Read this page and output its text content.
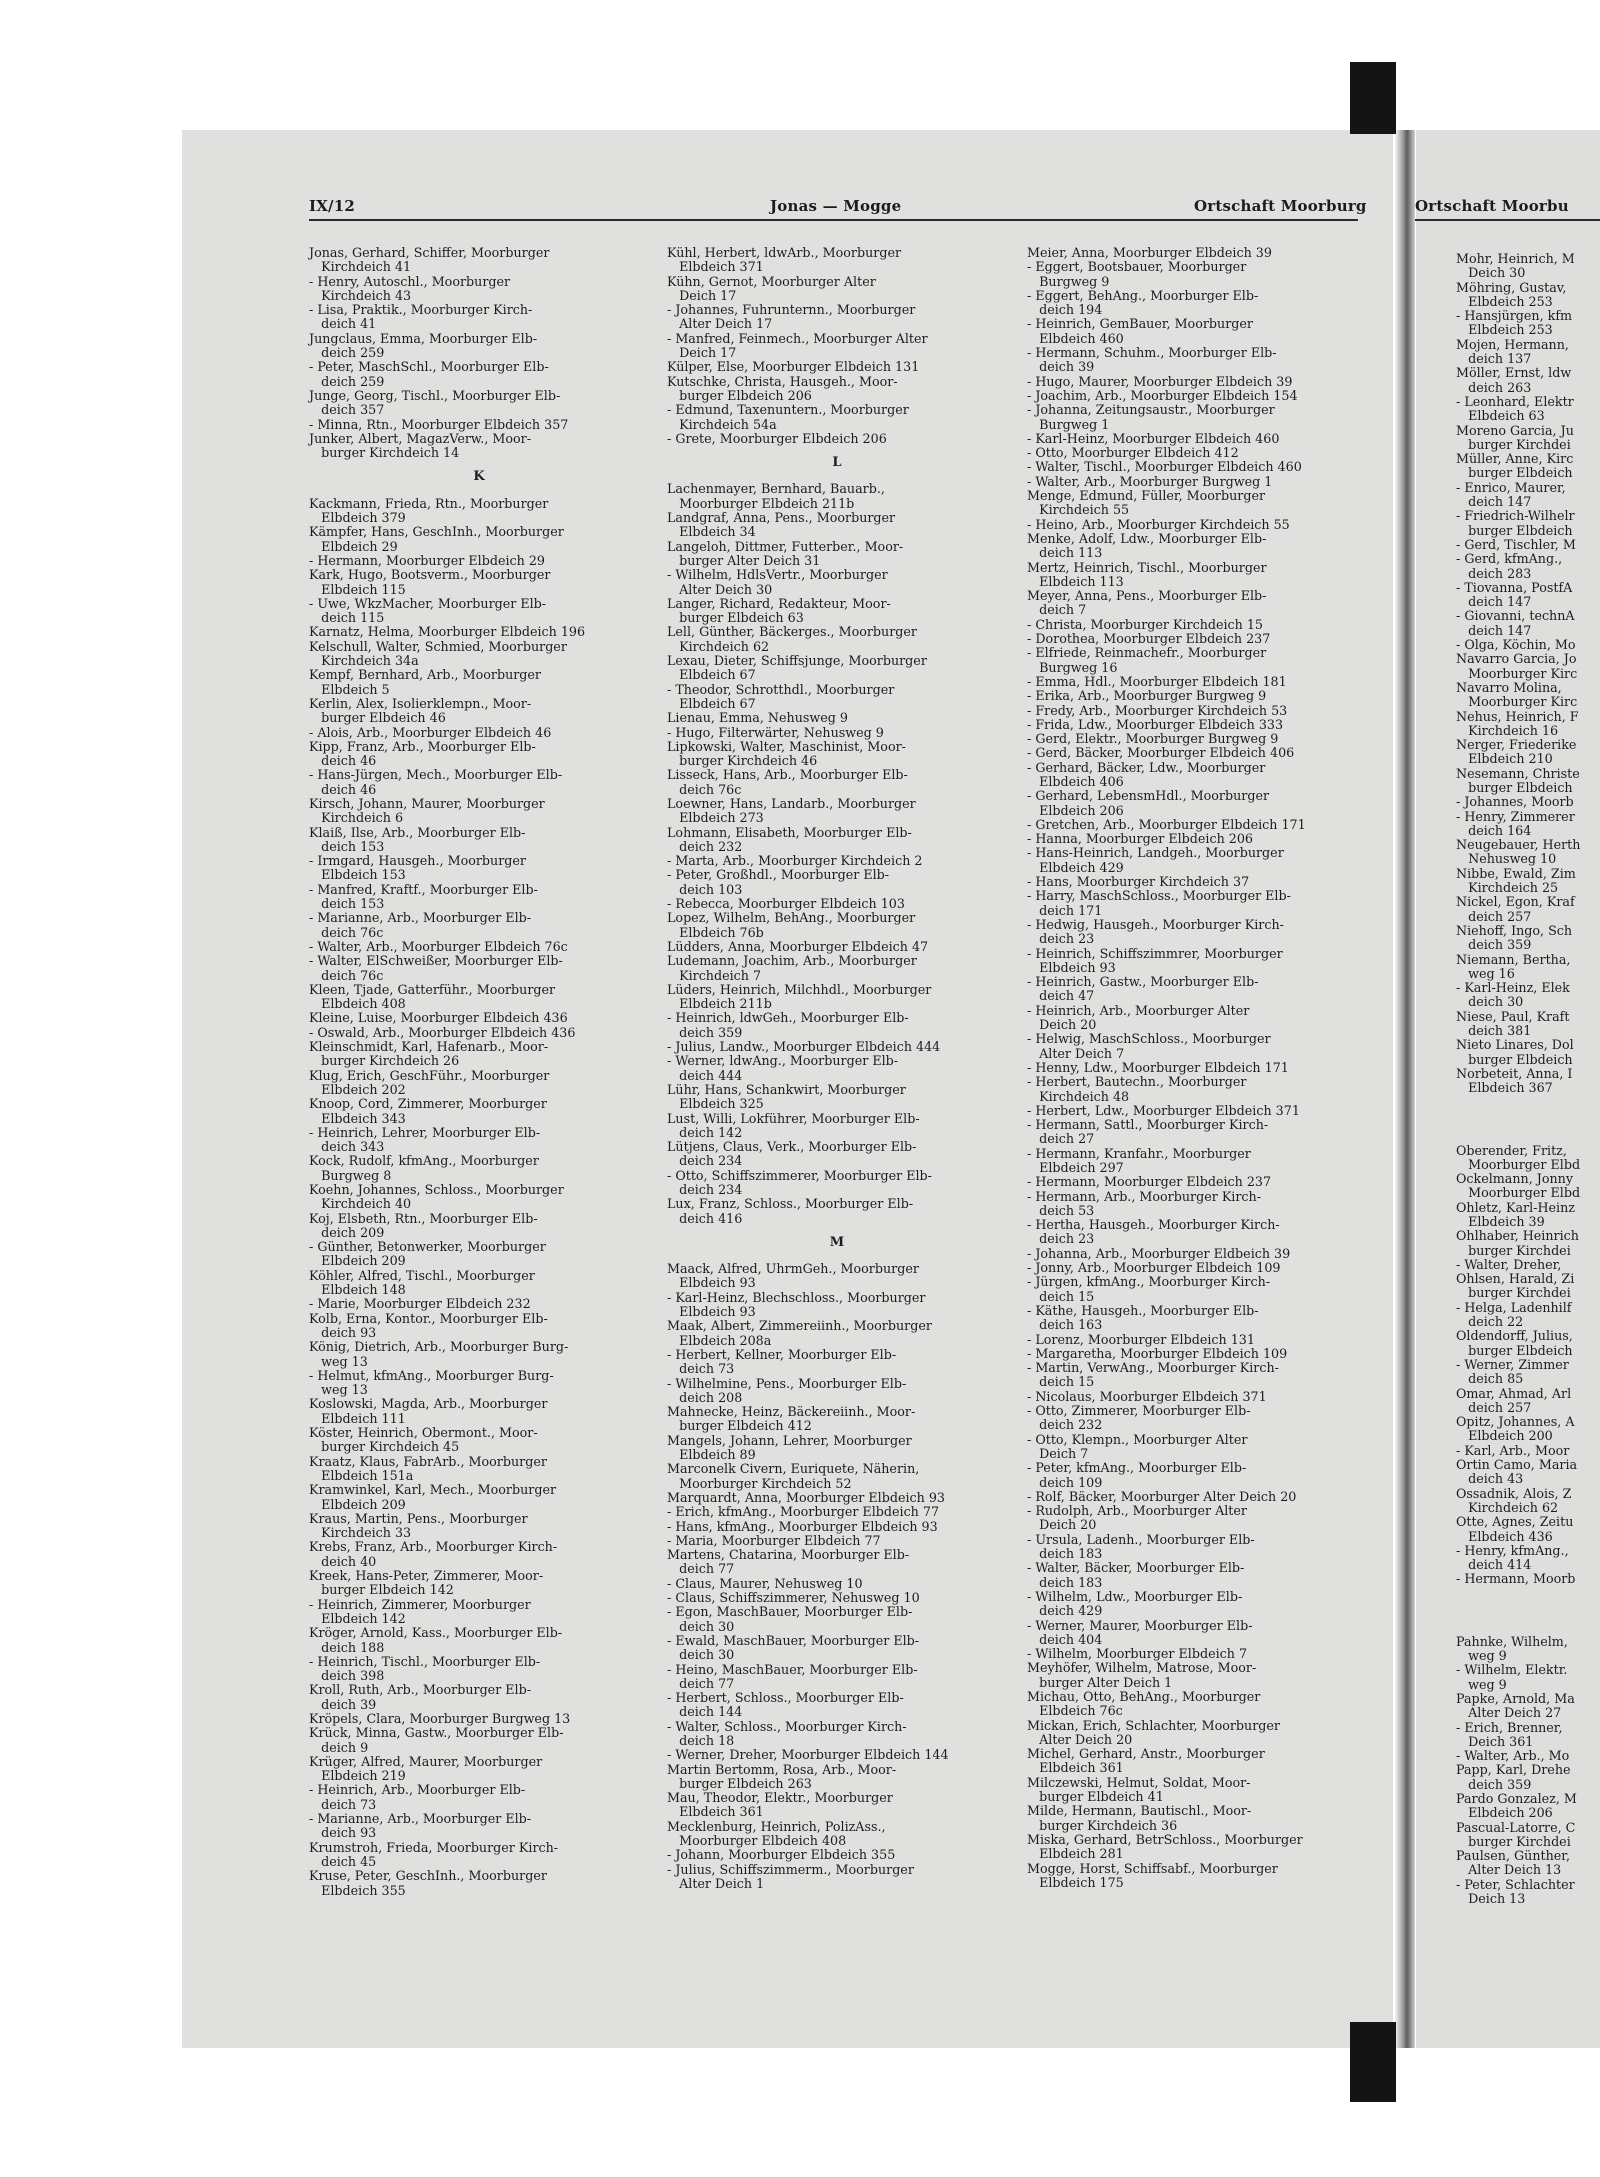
IX/12	Jonas — Mogge	Ortschaft Moorburg	Ortschaft Moorbu
Jonas, Gerhard, Schiffer, Moorburger
Kirchdeich 41
- Henry, Autoschl., Moorburger
Kirchdeich 43
- Lisa, Praktik., Moorburger Kirch-
deich 41
Jungclaus, Emma, Moorburger Elb-
deich 259
- Peter, MaschSchl., Moorburger Elb-
deich 259
Junge, Georg, Tischl., Moorburger Elb-
deich 357
- Minna, Rtn., Moorburger Elbdeich 357
Junker, Albert, MagazVerw., Moor-
burger Kirchdeich 14
K
Kackmann, Frieda, Rtn., Moorburger
Elbdeich 379
Kämpfer, Hans, GeschInh., Moorburger
Elbdeich 29
- Hermann, Moorburger Elbdeich 29
Kark, Hugo, Bootsverm., Moorburger
Elbdeich 115
- Uwe, WkzMacher, Moorburger Elb-
deich 115
Karnatz, Helma, Moorburger Elbdeich 196
Kelschull, Walter, Schmied, Moorburger
Kirchdeich 34a
Kempf, Bernhard, Arb., Moorburger
Elbdeich 5
Kerlin, Alex, Isolierklempn., Moor-
burger Elbdeich 46
- Alois, Arb., Moorburger Elbdeich 46
Kipp, Franz, Arb., Moorburger Elb-
deich 46
- Hans-Jürgen, Mech., Moorburger Elb-
deich 46
Kirsch, Johann, Maurer, Moorburger
Kirchdeich 6
Klaiß, Ilse, Arb., Moorburger Elb-
deich 153
- Irmgard, Hausgeh., Moorburger
Elbdeich 153
- Manfred, Kraftf., Moorburger Elb-
deich 153
- Marianne, Arb., Moorburger Elb-
deich 76c
- Walter, Arb., Moorburger Elbdeich 76c
- Walter, ElSchweißer, Moorburger Elb-
deich 76c
Kleen, Tjade, Gatterführ., Moorburger
Elbdeich 408
Kleine, Luise, Moorburger Elbdeich 436
- Oswald, Arb., Moorburger Elbdeich 436
Kleinschmidt, Karl, Hafenarb., Moor-
burger Kirchdeich 26
Klug, Erich, GeschFühr., Moorburger
Elbdeich 202
Knoop, Cord, Zimmerer, Moorburger
Elbdeich 343
- Heinrich, Lehrer, Moorburger Elb-
deich 343
Kock, Rudolf, kfmAng., Moorburger
Burgweg 8
Koehn, Johannes, Schloss., Moorburger
Kirchdeich 40
Koj, Elsbeth, Rtn., Moorburger Elb-
deich 209
- Günther, Betonwerker, Moorburger
Elbdeich 209
Köhler, Alfred, Tischl., Moorburger
Elbdeich 148
- Marie, Moorburger Elbdeich 232
Kolb, Erna, Kontor., Moorburger Elb-
deich 93
König, Dietrich, Arb., Moorburger Burg-
weg 13
- Helmut, kfmAng., Moorburger Burg-
weg 13
Koslowski, Magda, Arb., Moorburger
Elbdeich 111
Köster, Heinrich, Obermont., Moor-
burger Kirchdeich 45
Kraatz, Klaus, FabrArb., Moorburger
Elbdeich 151a
Kramwinkel, Karl, Mech., Moorburger
Elbdeich 209
Kraus, Martin, Pens., Moorburger
Kirchdeich 33
Krebs, Franz, Arb., Moorburger Kirch-
deich 40
Kreek, Hans-Peter, Zimmerer, Moor-
burger Elbdeich 142
- Heinrich, Zimmerer, Moorburger
Elbdeich 142
Kröger, Arnold, Kass., Moorburger Elb-
deich 188
- Heinrich, Tischl., Moorburger Elb-
deich 398
Kroll, Ruth, Arb., Moorburger Elb-
deich 39
Kröpels, Clara, Moorburger Burgweg 13
Krück, Minna, Gastw., Moorburger Elb-
deich 9
Krüger, Alfred, Maurer, Moorburger
Elbdeich 219
- Heinrich, Arb., Moorburger Elb-
deich 73
- Marianne, Arb., Moorburger Elb-
deich 93
Krumstroh, Frieda, Moorburger Kirch-
deich 45
Kruse, Peter, GeschInh., Moorburger
Elbdeich 355
Kühl, Herbert, ldwArb., Moorburger
Elbdeich 371
Kühn, Gernot, Moorburger Alter
Deich 17
- Johannes, Fuhrunternn., Moorburger
Alter Deich 17
- Manfred, Feinmech., Moorburger Alter
Deich 17
Külper, Else, Moorburger Elbdeich 131
Kutschke, Christa, Hausgeh., Moor-
burger Elbdeich 206
- Edmund, Taxenuntern., Moorburger
Kirchdeich 54a
- Grete, Moorburger Elbdeich 206
L
Lachenmayer, Bernhard, Bauarb.,
Moorburger Elbdeich 211b
Landgraf, Anna, Pens., Moorburger
Elbdeich 34
Langeloh, Dittmer, Futterber., Moor-
burger Alter Deich 31
- Wilhelm, HdlsVertr., Moorburger
Alter Deich 30
Langer, Richard, Redakteur, Moor-
burger Elbdeich 63
Lell, Günther, Bäckerges., Moorburger
Kirchdeich 62
Lexau, Dieter, Schiffsjunge, Moorburger
Elbdeich 67
- Theodor, Schrotthdl., Moorburger
Elbdeich 67
Lienau, Emma, Nehusweg 9
- Hugo, Filterwärter, Nehusweg 9
Lipkowski, Walter, Maschinist, Moor-
burger Kirchdeich 46
Lisseck, Hans, Arb., Moorburger Elb-
deich 76c
Loewner, Hans, Landarb., Moorburger
Elbdeich 273
Lohmann, Elisabeth, Moorburger Elb-
deich 232
- Marta, Arb., Moorburger Kirchdeich 2
- Peter, Großhdl., Moorburger Elb-
deich 103
- Rebecca, Moorburger Elbdeich 103
Lopez, Wilhelm, BehAng., Moorburger
Elbdeich 76b
Lüdders, Anna, Moorburger Elbdeich 47
Ludemann, Joachim, Arb., Moorburger
Kirchdeich 7
Lüders, Heinrich, Milchhdl., Moorburger
Elbdeich 211b
- Heinrich, ldwGeh., Moorburger Elb-
deich 359
- Julius, Landw., Moorburger Elbdeich 444
- Werner, ldwAng., Moorburger Elb-
deich 444
Lühr, Hans, Schankwirt, Moorburger
Elbdeich 325
Lust, Willi, Lokführer, Moorburger Elb-
deich 142
Lütjens, Claus, Verk., Moorburger Elb-
deich 234
- Otto, Schiffszimmerer, Moorburger Elb-
deich 234
Lux, Franz, Schloss., Moorburger Elb-
deich 416
M
Maack, Alfred, UhrmGeh., Moorburger
Elbdeich 93
- Karl-Heinz, Blechschloss., Moorburger
Elbdeich 93
Maak, Albert, Zimmereiinh., Moorburger
Elbdeich 208a
- Herbert, Kellner, Moorburger Elb-
deich 73
- Wilhelmine, Pens., Moorburger Elb-
deich 208
Mahnecke, Heinz, Bäckereiinh., Moor-
burger Elbdeich 412
Mangels, Johann, Lehrer, Moorburger
Elbdeich 89
Marconelk Civern, Euriquete, Näherin,
Moorburger Kirchdeich 52
Marquardt, Anna, Moorburger Elbdeich 93
- Erich, kfmAng., Moorburger Elbdeich 77
- Hans, kfmAng., Moorburger Elbdeich 93
- Maria, Moorburger Elbdeich 77
Martens, Chatarina, Moorburger Elb-
deich 77
- Claus, Maurer, Nehusweg 10
- Claus, Schiffszimmerer, Nehusweg 10
- Egon, MaschBauer, Moorburger Elb-
deich 30
- Ewald, MaschBauer, Moorburger Elb-
deich 30
- Heino, MaschBauer, Moorburger Elb-
deich 77
- Herbert, Schloss., Moorburger Elb-
deich 144
- Walter, Schloss., Moorburger Kirch-
deich 18
- Werner, Dreher, Moorburger Elbdeich 144
Martin Bertomm, Rosa, Arb., Moor-
burger Elbdeich 263
Mau, Theodor, Elektr., Moorburger
Elbdeich 361
Mecklenburg, Heinrich, PolizAss.,
Moorburger Elbdeich 408
- Johann, Moorburger Elbdeich 355
- Julius, Schiffszimmerm., Moorburger
Alter Deich 1
Meier, Anna, Moorburger Elbdeich 39
- Eggert, Bootsbauer, Moorburger
Burgweg 9
- Eggert, BehAng., Moorburger Elb-
deich 194
- Heinrich, GemBauer, Moorburger
Elbdeich 460
- Hermann, Schuhm., Moorburger Elb-
deich 39
- Hugo, Maurer, Moorburger Elbdeich 39
- Joachim, Arb., Moorburger Elbdeich 154
- Johanna, Zeitungsaustr., Moorburger
Burgweg 1
- Karl-Heinz, Moorburger Elbdeich 460
- Otto, Moorburger Elbdeich 412
- Walter, Tischl., Moorburger Elbdeich 460
- Walter, Arb., Moorburger Burgweg 1
Menge, Edmund, Füller, Moorburger
Kirchdeich 55
- Heino, Arb., Moorburger Kirchdeich 55
Menke, Adolf, Ldw., Moorburger Elb-
deich 113
Mertz, Heinrich, Tischl., Moorburger
Elbdeich 113
Meyer, Anna, Pens., Moorburger Elb-
deich 7
- Christa, Moorburger Kirchdeich 15
- Dorothea, Moorburger Elbdeich 237
- Elfriede, Reinmachefr., Moorburger
Burgweg 16
- Emma, Hdl., Moorburger Elbdeich 181
- Erika, Arb., Moorburger Burgweg 9
- Fredy, Arb., Moorburger Kirchdeich 53
- Frida, Ldw., Moorburger Elbdeich 333
- Gerd, Elektr., Moorburger Burgweg 9
- Gerd, Bäcker, Moorburger Elbdeich 406
- Gerhard, Bäcker, Ldw., Moorburger
Elbdeich 406
- Gerhard, LebensmHdl., Moorburger
Elbdeich 206
- Gretchen, Arb., Moorburger Elbdeich 171
- Hanna, Moorburger Elbdeich 206
- Hans-Heinrich, Landgeh., Moorburger
Elbdeich 429
- Hans, Moorburger Kirchdeich 37
- Harry, MaschSchloss., Moorburger Elb-
deich 171
- Hedwig, Hausgeh., Moorburger Kirch-
deich 23
- Heinrich, Schiffszimmrer, Moorburger
Elbdeich 93
- Heinrich, Gastw., Moorburger Elb-
deich 47
- Heinrich, Arb., Moorburger Alter
Deich 20
- Helwig, MaschSchloss., Moorburger
Alter Deich 7
- Henny, Ldw., Moorburger Elbdeich 171
- Herbert, Bautechn., Moorburger
Kirchdeich 48
- Herbert, Ldw., Moorburger Elbdeich 371
- Hermann, Sattl., Moorburger Kirch-
deich 27
- Hermann, Kranfahr., Moorburger
Elbdeich 297
- Hermann, Moorburger Elbdeich 237
- Hermann, Arb., Moorburger Kirch-
deich 53
- Hertha, Hausgeh., Moorburger Kirch-
deich 23
- Johanna, Arb., Moorburger Eldbeich 39
- Jonny, Arb., Moorburger Elbdeich 109
- Jürgen, kfmAng., Moorburger Kirch-
deich 15
- Käthe, Hausgeh., Moorburger Elb-
deich 163
- Lorenz, Moorburger Elbdeich 131
- Margaretha, Moorburger Elbdeich 109
- Martin, VerwAng., Moorburger Kirch-
deich 15
- Nicolaus, Moorburger Elbdeich 371
- Otto, Zimmerer, Moorburger Elb-
deich 232
- Otto, Klempn., Moorburger Alter
Deich 7
- Peter, kfmAng., Moorburger Elb-
deich 109
- Rolf, Bäcker, Moorburger Alter Deich 20
- Rudolph, Arb., Moorburger Alter
Deich 20
- Ursula, Ladenh., Moorburger Elb-
deich 183
- Walter, Bäcker, Moorburger Elb-
deich 183
- Wilhelm, Ldw., Moorburger Elb-
deich 429
- Werner, Maurer, Moorburger Elb-
deich 404
- Wilhelm, Moorburger Elbdeich 7
Meyhöfer, Wilhelm, Matrose, Moor-
burger Alter Deich 1
Michau, Otto, BehAng., Moorburger
Elbdeich 76c
Mickan, Erich, Schlachter, Moorburger
Alter Deich 20
Michel, Gerhard, Anstr., Moorburger
Elbdeich 361
Milczewski, Helmut, Soldat, Moor-
burger Elbdeich 41
Milde, Hermann, Bautischl., Moor-
burger Kirchdeich 36
Miska, Gerhard, BetrSchloss., Moorburger
Elbdeich 281
Mogge, Horst, Schiffsabf., Moorburger
Elbdeich 175
Mohr, Heinrich, M
Deich 30
Möhring, Gustav,
Elbdeich 253
- Hansjürgen, kfm
Elbdeich 253
Mojen, Hermann,
deich 137
Möller, Ernst, ldw
deich 263
- Leonhard, Elektr
Elbdeich 63
Moreno Garcia, Ju
burger Kirchdei
Müller, Anne, Kirc
burger Elbdeich
- Enrico, Maurer,
deich 147
- Friedrich-Wilhelr
burger Elbdeich
- Gerd, Tischler, M
- Gerd, kfmAng.,
deich 283
- Tiovanna, PostfA
deich 147
- Giovanni, technA
deich 147
- Olga, Köchin, Mo
Navarro Garcia, Jo
Moorburger Kirc
Navarro Molina,
Moorburger Kirc
Nehus, Heinrich, F
Kirchdeich 16
Nerger, Friederike
Elbdeich 210
Nesemann, Christe
burger Elbdeich
- Johannes, Moorb
- Henry, Zimmerer
deich 164
Neugebauer, Herth
Nehusweg 10
Nibbe, Ewald, Zim
Kirchdeich 25
Nickel, Egon, Kraf
deich 257
Niehoff, Ingo, Sch
deich 359
Niemann, Bertha,
weg 16
- Karl-Heinz, Elek
deich 30
Niese, Paul, Kraft
deich 381
Nieto Linares, Dol
burger Elbdeich
Norbeteit, Anna, I
Elbdeich 367
Oberender, Fritz,
Moorburger Elbd
Ockelmann, Jonny
Moorburger Elbd
Ohletz, Karl-Heinz
Elbdeich 39
Ohlhaber, Heinrich
burger Kirchdei
- Walter, Dreher,
Ohlsen, Harald, Zi
burger Kirchdei
- Helga, Ladenhilf
deich 22
Oldendorff, Julius,
burger Elbdeich
- Werner, Zimmer
deich 85
Omar, Ahmad, Arl
deich 257
Opitz, Johannes, A
Elbdeich 200
- Karl, Arb., Moor
Ortin Camo, Maria
deich 43
Ossadnik, Alois, Z
Kirchdeich 62
Otte, Agnes, Zeitu
Elbdeich 436
- Henry, kfmAng.,
deich 414
- Hermann, Moorb
Pahnke, Wilhelm,
weg 9
- Wilhelm, Elektr.
weg 9
Papke, Arnold, Ma
Alter Deich 27
- Erich, Brenner,
Deich 361
- Walter, Arb., Mo
Papp, Karl, Drehe
deich 359
Pardo Gonzalez, M
Elbdeich 206
Pascual-Latorre, C
burger Kirchdei
Paulsen, Günther,
Alter Deich 13
- Peter, Schlachter
Deich 13
